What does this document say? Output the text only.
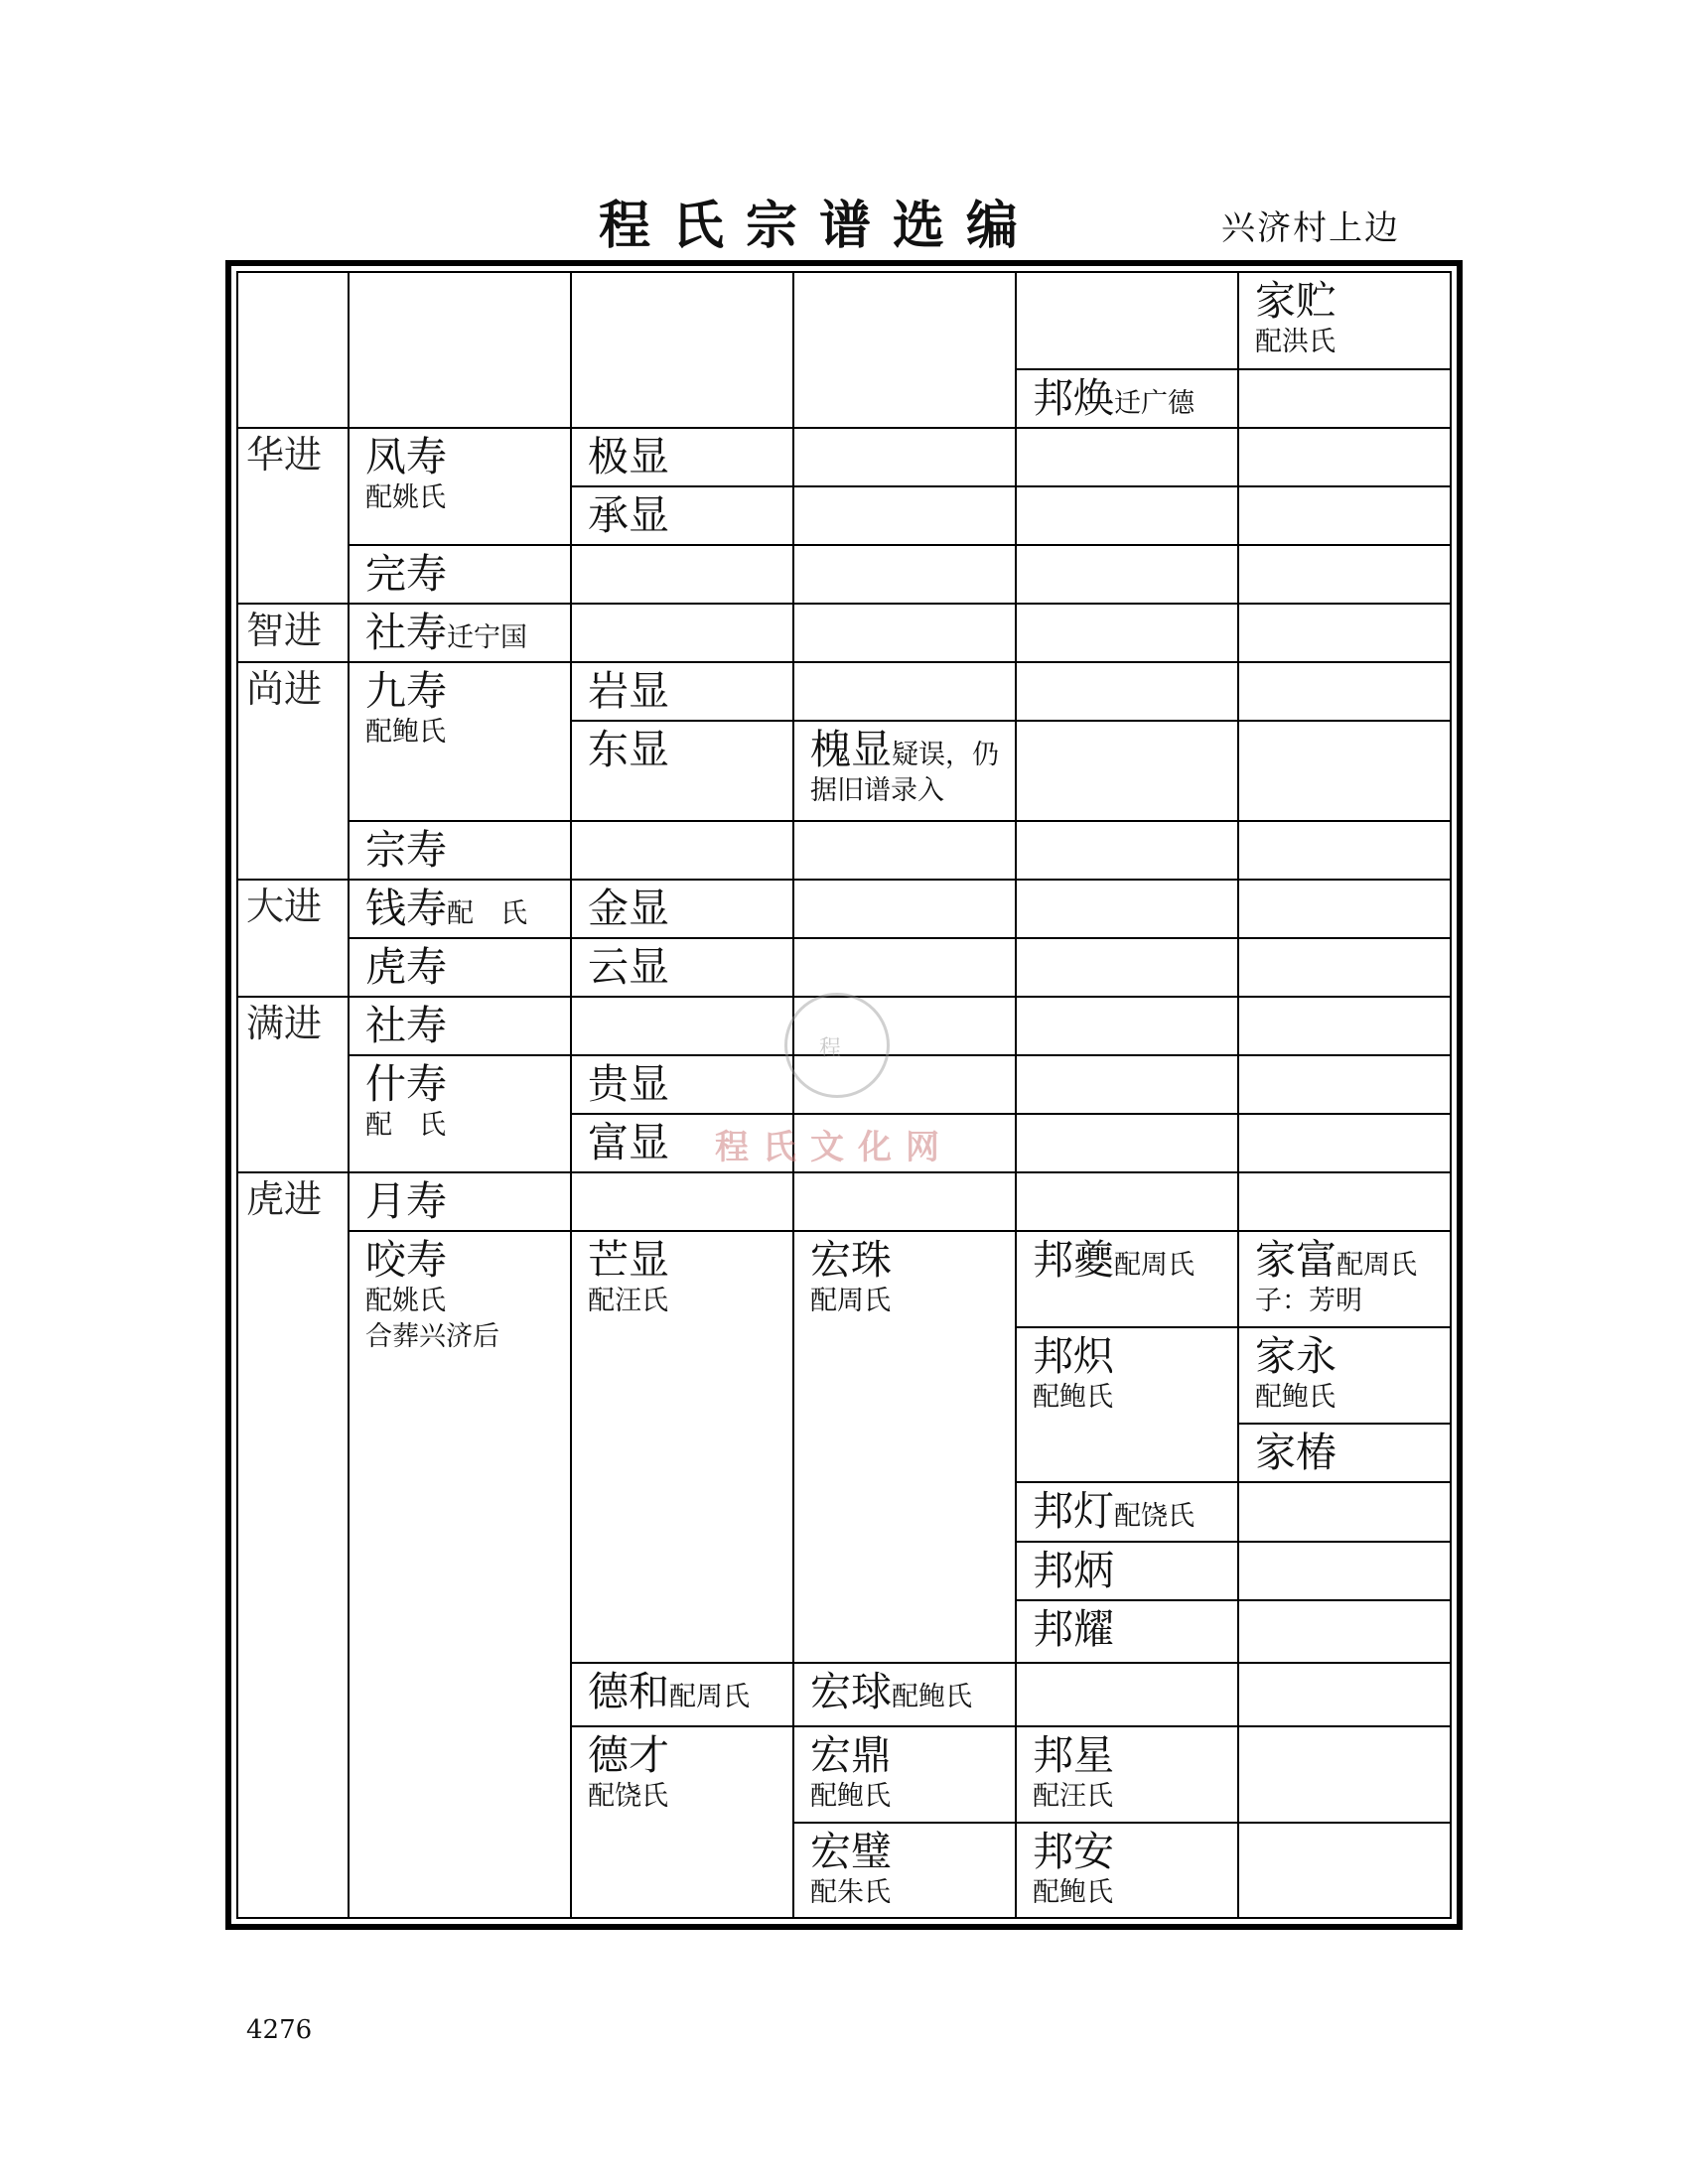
程氏宗谱选编	兴济村上边
华进
智进
尚进
大进
满进
虎进
凤寿
配姚氏
完寿
社寿迁宁国
九寿
配鲍氏
宗寿
钱寿配　氏
虎寿
社寿
什寿
配　氏
月寿
咬寿
配姚氏
合葬兴济后
极显
承显
岩显
东显
金显
云显
贵显
富显
芒显
配汪氏
德和配周氏
德才
配饶氏
槐显疑误，仍
据旧谱录入
宏珠
配周氏
宏球配鲍氏
宏鼎
配鲍氏
宏璧
配朱氏
邦焕迁广德
邦夔配周氏
邦炽
配鲍氏
邦灯配饶氏
邦炳
邦耀
邦星
配汪氏
邦安
配鲍氏
家贮
配洪氏
家富配周氏
子：芳明
家永
配鲍氏
家椿
程
程氏文化网
4276
